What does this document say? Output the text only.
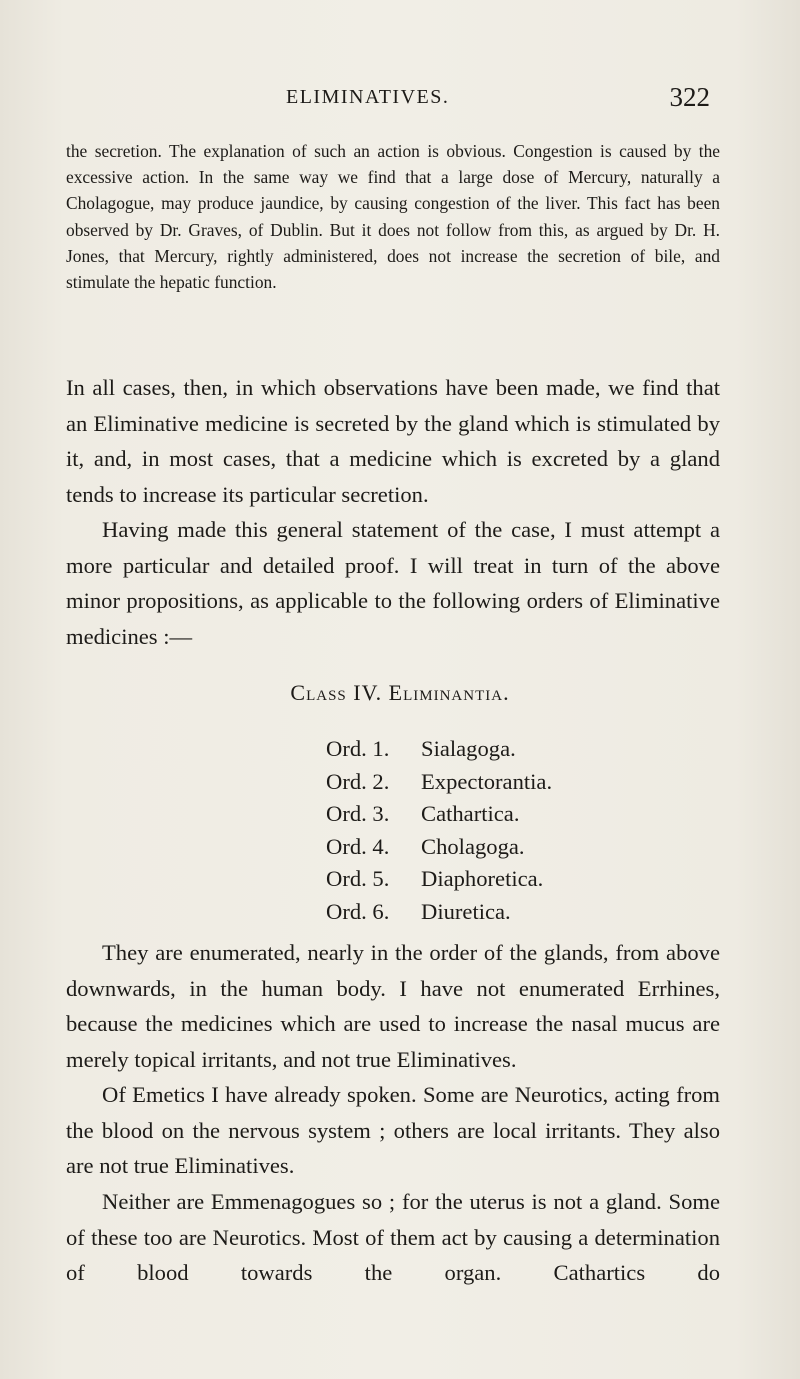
ELIMINATIVES.	322

the secretion. The explanation of such an action is obvious. Congestion is caused by the excessive action. In the same way we find that a large dose of Mercury, naturally a Cholagogue, may produce jaundice, by causing congestion of the liver. This fact has been observed by Dr. Graves, of Dublin. But it does not follow from this, as argued by Dr. H. Jones, that Mercury, rightly administered, does not increase the secretion of bile, and stimulate the hepatic function.

In all cases, then, in which observations have been made, we find that an Eliminative medicine is secreted by the gland which is stimulated by it, and, in most cases, that a medicine which is excreted by a gland tends to increase its particular secretion.

Having made this general statement of the case, I must attempt a more particular and detailed proof. I will treat in turn of the above minor propositions, as applicable to the following orders of Eliminative medicines :—

Class IV. Eliminantia.

Ord. 1. Sialagoga.
Ord. 2. Expectorantia.
Ord. 3. Cathartica.
Ord. 4. Cholagoga.
Ord. 5. Diaphoretica.
Ord. 6. Diuretica.

They are enumerated, nearly in the order of the glands, from above downwards, in the human body. I have not enumerated Errhines, because the medicines which are used to increase the nasal mucus are merely topical irritants, and not true Eliminatives.

Of Emetics I have already spoken. Some are Neurotics, acting from the blood on the nervous system ; others are local irritants. They also are not true Eliminatives.

Neither are Emmenagogues so ; for the uterus is not a gland. Some of these too are Neurotics. Most of them act by causing a determination of blood towards the organ. Cathartics do
